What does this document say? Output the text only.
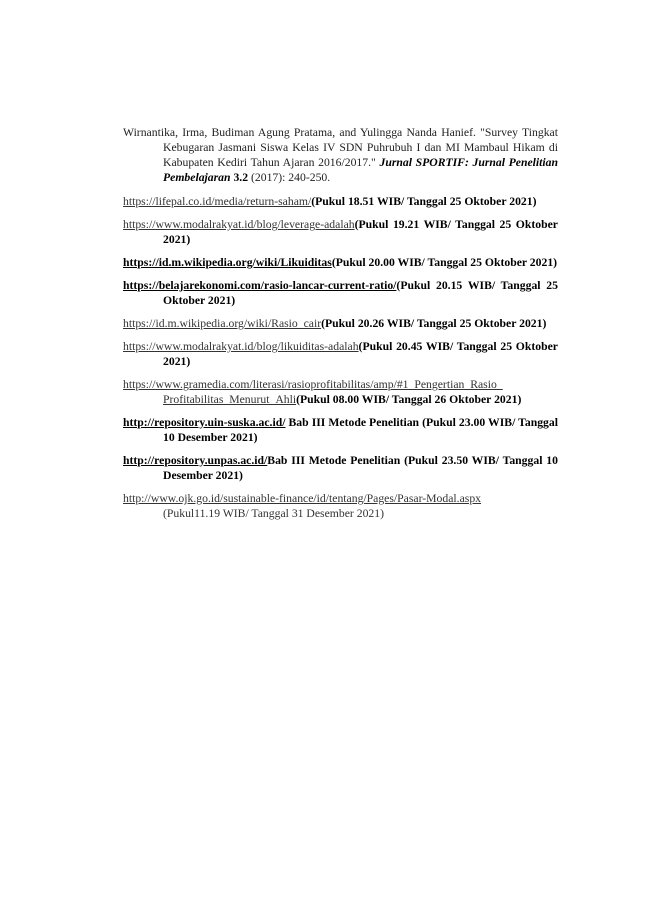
Wirnantika, Irma, Budiman Agung Pratama, and Yulingga Nanda Hanief. "Survey Tingkat Kebugaran Jasmani Siswa Kelas IV SDN Puhrubuh I dan MI Mambaul Hikam di Kabupaten Kediri Tahun Ajaran 2016/2017." Jurnal SPORTIF: Jurnal Penelitian Pembelajaran 3.2 (2017): 240-250.

https://lifepal.co.id/media/return-saham/(Pukul 18.51 WIB/ Tanggal 25 Oktober 2021)

https://www.modalrakyat.id/blog/leverage-adalah(Pukul 19.21 WIB/ Tanggal 25 Oktober 2021)

https://id.m.wikipedia.org/wiki/Likuiditas(Pukul 20.00 WIB/ Tanggal 25 Oktober 2021)

https://belajarekonomi.com/rasio-lancar-current-ratio/(Pukul 20.15 WIB/ Tanggal 25 Oktober 2021)

https://id.m.wikipedia.org/wiki/Rasio_cair(Pukul 20.26 WIB/ Tanggal 25 Oktober 2021)

https://www.modalrakyat.id/blog/likuiditas-adalah(Pukul 20.45 WIB/ Tanggal 25 Oktober 2021)

https://www.gramedia.com/literasi/rasioprofitabilitas/amp/#1_Pengertian_Rasio_
Profitabilitas_Menurut_Ahli(Pukul 08.00 WIB/ Tanggal 26 Oktober 2021)

http://repository.uin-suska.ac.id/ Bab III Metode Penelitian (Pukul 23.00 WIB/ Tanggal 10 Desember 2021)

http://repository.unpas.ac.id/Bab III Metode Penelitian (Pukul 23.50 WIB/ Tanggal 10 Desember 2021)

http://www.ojk.go.id/sustainable-finance/id/tentang/Pages/Pasar-Modal.aspx
(Pukul11.19 WIB/ Tanggal 31 Desember 2021)
